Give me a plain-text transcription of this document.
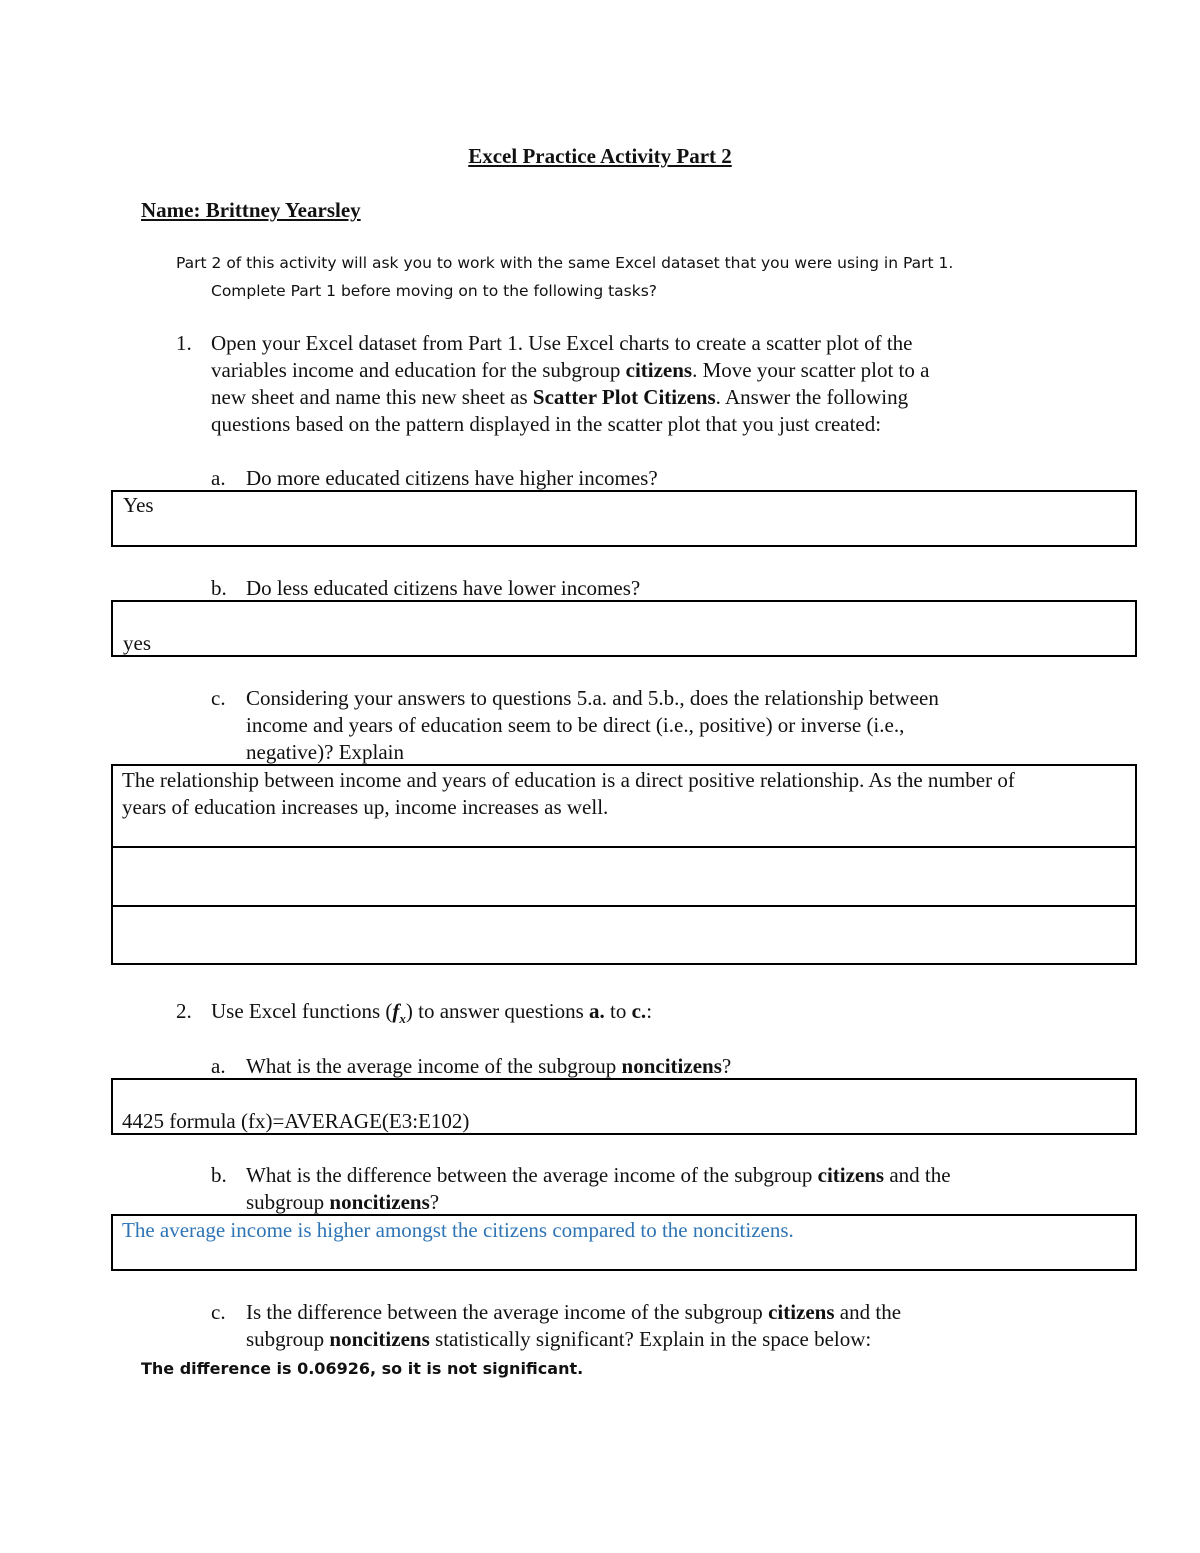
Excel Practice Activity Part 2
Name: Brittney Yearsley
Part 2 of this activity will ask you to work with the same Excel dataset that you were using in Part 1.
Complete Part 1 before moving on to the following tasks?
1. Open your Excel dataset from Part 1. Use Excel charts to create a scatter plot of the
variables income and education for the subgroup citizens. Move your scatter plot to a
new sheet and name this new sheet as Scatter Plot Citizens. Answer the following
questions based on the pattern displayed in the scatter plot that you just created:
a. Do more educated citizens have higher incomes?
Yes
b. Do less educated citizens have lower incomes?
yes
c. Considering your answers to questions 5.a. and 5.b., does the relationship between
income and years of education seem to be direct (i.e., positive) or inverse (i.e.,
negative)? Explain
The relationship between income and years of education is a direct positive relationship. As the number of
years of education increases up, income increases as well.
2. Use Excel functions $(f_x)$ to answer questions a. to c.:
a. What is the average income of the subgroup noncitizens?
4425 formula (fx)=AVERAGE(E3:E102)
b. What is the difference between the average income of the subgroup citizens and the
subgroup noncitizens?
The average income is higher amongst the citizens compared to the noncitizens.
c. Is the difference between the average income of the subgroup citizens and the
subgroup noncitizens statistically significant? Explain in the space below:
The difference is 0.06926, so it is not significant.
